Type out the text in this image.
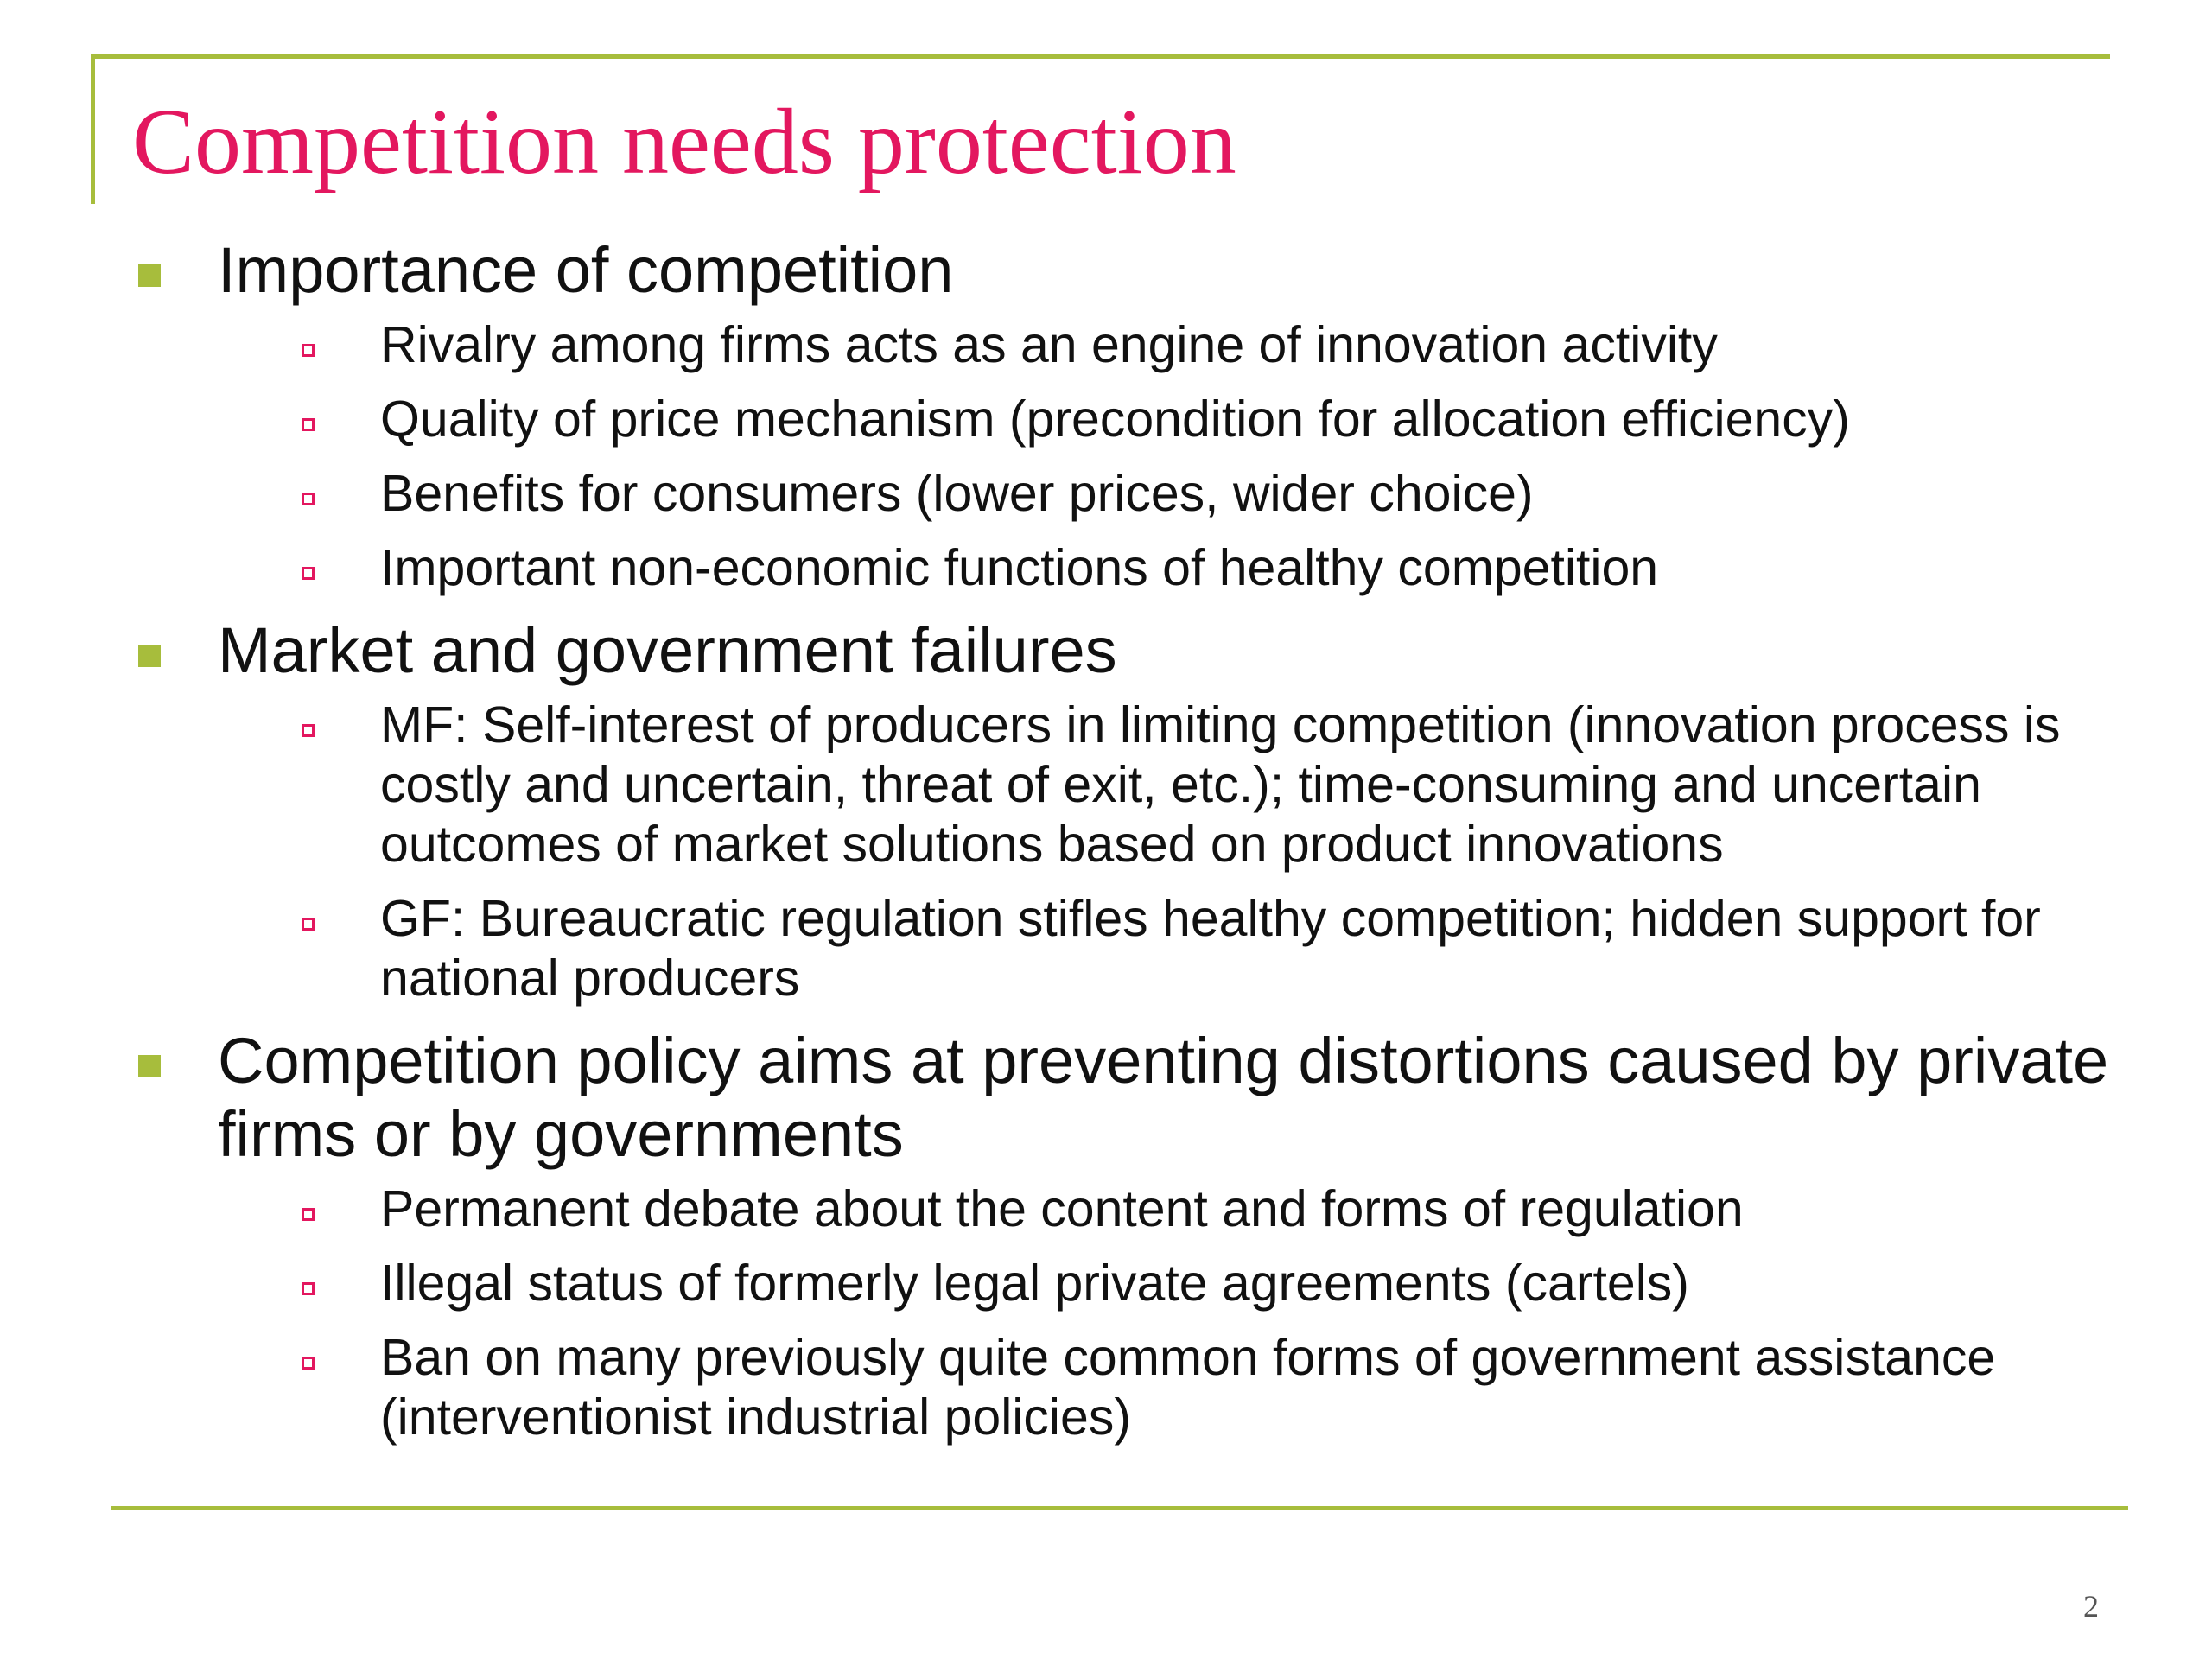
Competition needs protection
Importance of competition
Rivalry among firms acts as an engine of innovation activity
Quality of price mechanism (precondition for allocation efficiency)
Benefits for consumers (lower prices, wider choice)
Important non-economic functions of healthy competition
Market and government failures
MF: Self-interest of producers in limiting competition (innovation process is costly and uncertain, threat of exit, etc.); time-consuming and uncertain outcomes of market solutions based on product innovations
GF: Bureaucratic regulation stifles healthy competition; hidden support for national producers
Competition policy aims at preventing distortions caused by private firms or by governments
Permanent debate about the content and forms of regulation
Illegal status of formerly legal private agreements (cartels)
Ban on many previously quite common forms of government assistance (interventionist industrial policies)
2
